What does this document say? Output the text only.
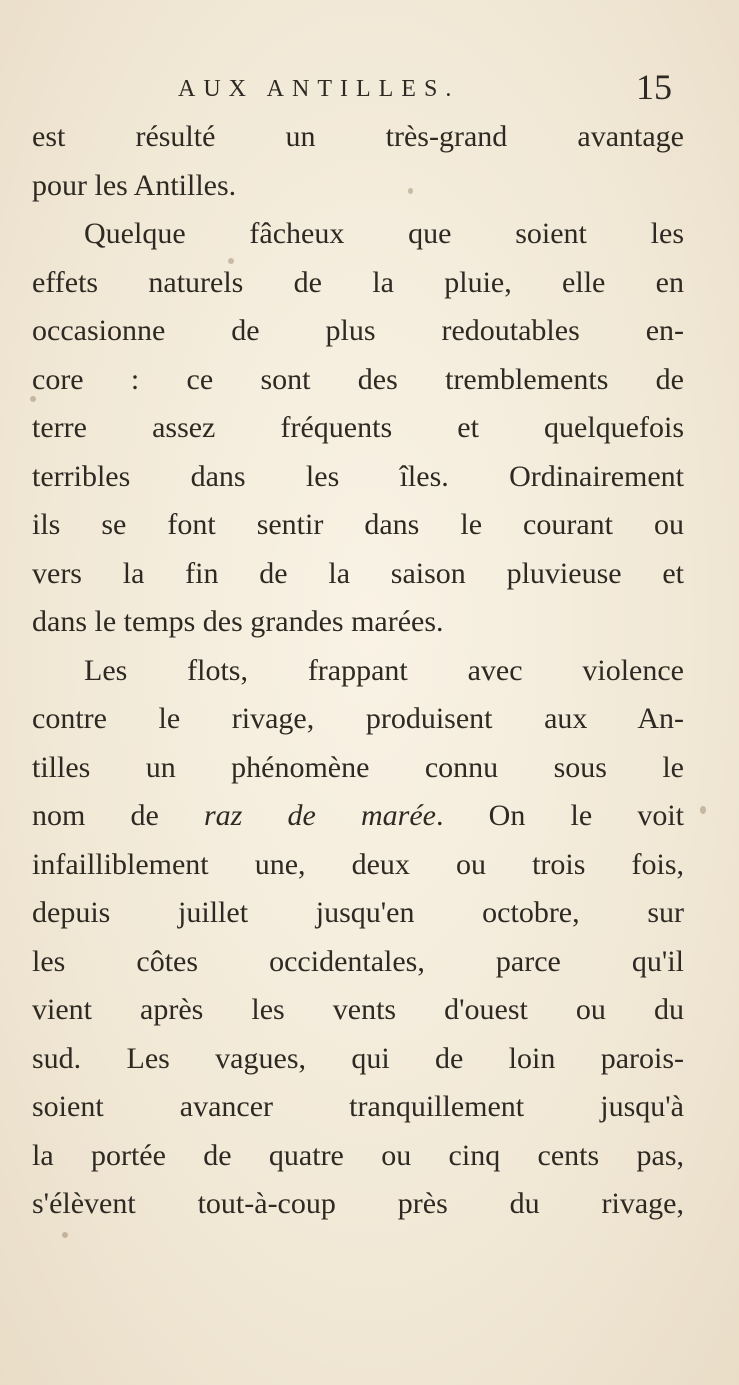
AUX ANTILLES.	15
est résulté un très-grand avantage
pour les Antilles.
Quelque fâcheux que soient les
effets naturels de la pluie, elle en
occasionne de plus redoutables en-
core : ce sont des tremblements de
terre assez fréquents et quelquefois
terribles dans les îles. Ordinairement
ils se font sentir dans le courant ou
vers la fin de la saison pluvieuse et
dans le temps des grandes marées.
Les flots, frappant avec violence
contre le rivage, produisent aux An-
tilles un phénomène connu sous le
nom de raz de marée. On le voit
infailliblement une, deux ou trois fois,
depuis juillet jusqu'en octobre, sur
les côtes occidentales, parce qu'il
vient après les vents d'ouest ou du
sud. Les vagues, qui de loin parois-
soient avancer tranquillement jusqu'à
la portée de quatre ou cinq cents pas,
s'élèvent tout-à-coup près du rivage,
